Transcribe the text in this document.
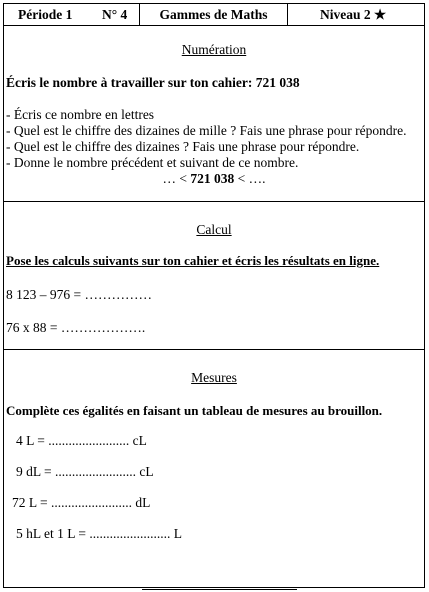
Période 1	N° 4	Gammes de Maths	Niveau 2 ★
Numération
Écris le nombre à travailler sur ton cahier: 721 038
- Écris ce nombre en lettres
- Quel est le chiffre des dizaines de mille ? Fais une phrase pour répondre.
- Quel est le chiffre des dizaines ? Fais une phrase pour répondre.
- Donne le nombre précédent et suivant de ce nombre.
… < 721 038 < ….
Calcul
Pose les calculs suivants sur ton cahier et écris les résultats en ligne.
8 123 – 976 = ……………
76 x 88 = ……………….
Mesures
Complète ces égalités en faisant un tableau de mesures au brouillon.
4 L = ........................ cL
9 dL = ........................ cL
72 L = ........................ dL
5 hL et 1 L = ........................ L
